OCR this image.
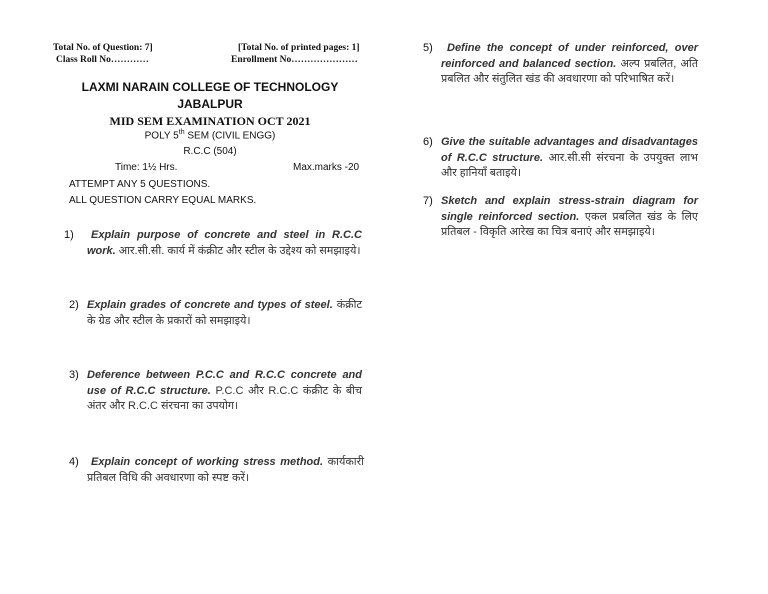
Total No. of Question: 7]	[Total No. of printed pages: 1]
Class Roll No…………	Enrollment No…………………
LAXMI NARAIN COLLEGE OF TECHNOLOGY
JABALPUR
MID SEM EXAMINATION OCT 2021
POLY 5th SEM (CIVIL ENGG)
R.C.C (504)
Time: 1½ Hrs.	Max.marks -20
ATTEMPT ANY 5 QUESTIONS.
ALL QUESTION CARRY EQUAL MARKS.
1)	Explain purpose of concrete and steel in R.C.C work. आर.सी.सी. कार्य में कंक्रीट और स्टील के उद्देश्य को समझाइये।
2) Explain grades of concrete and types of steel. कंक्रीट के ग्रेड और स्टील के प्रकारों को समझाइये।
3) Deference between P.C.C and R.C.C concrete and use of R.C.C structure. P.C.C और R.C.C कंक्रीट के बीच अंतर और R.C.C संरचना का उपयोग।
4)	Explain concept of working stress method. कार्यकारी प्रतिबल विधि की अवधारणा को स्पष्ट करें।
5)	Define the concept of under reinforced, over reinforced and balanced section. अल्प प्रबलित, अति प्रबलित और संतुलित खंड की अवधारणा को परिभाषित करें।
6) Give the suitable advantages and disadvantages of R.C.C structure. आर.सी.सी संरचना के उपयुक्त लाभ और हानियाँ बताइये।
7) Sketch and explain stress-strain diagram for single reinforced section. एकल प्रबलित खंड के लिए प्रतिबल - विकृति आरेख का चित्र बनाएं और समझाइये।
